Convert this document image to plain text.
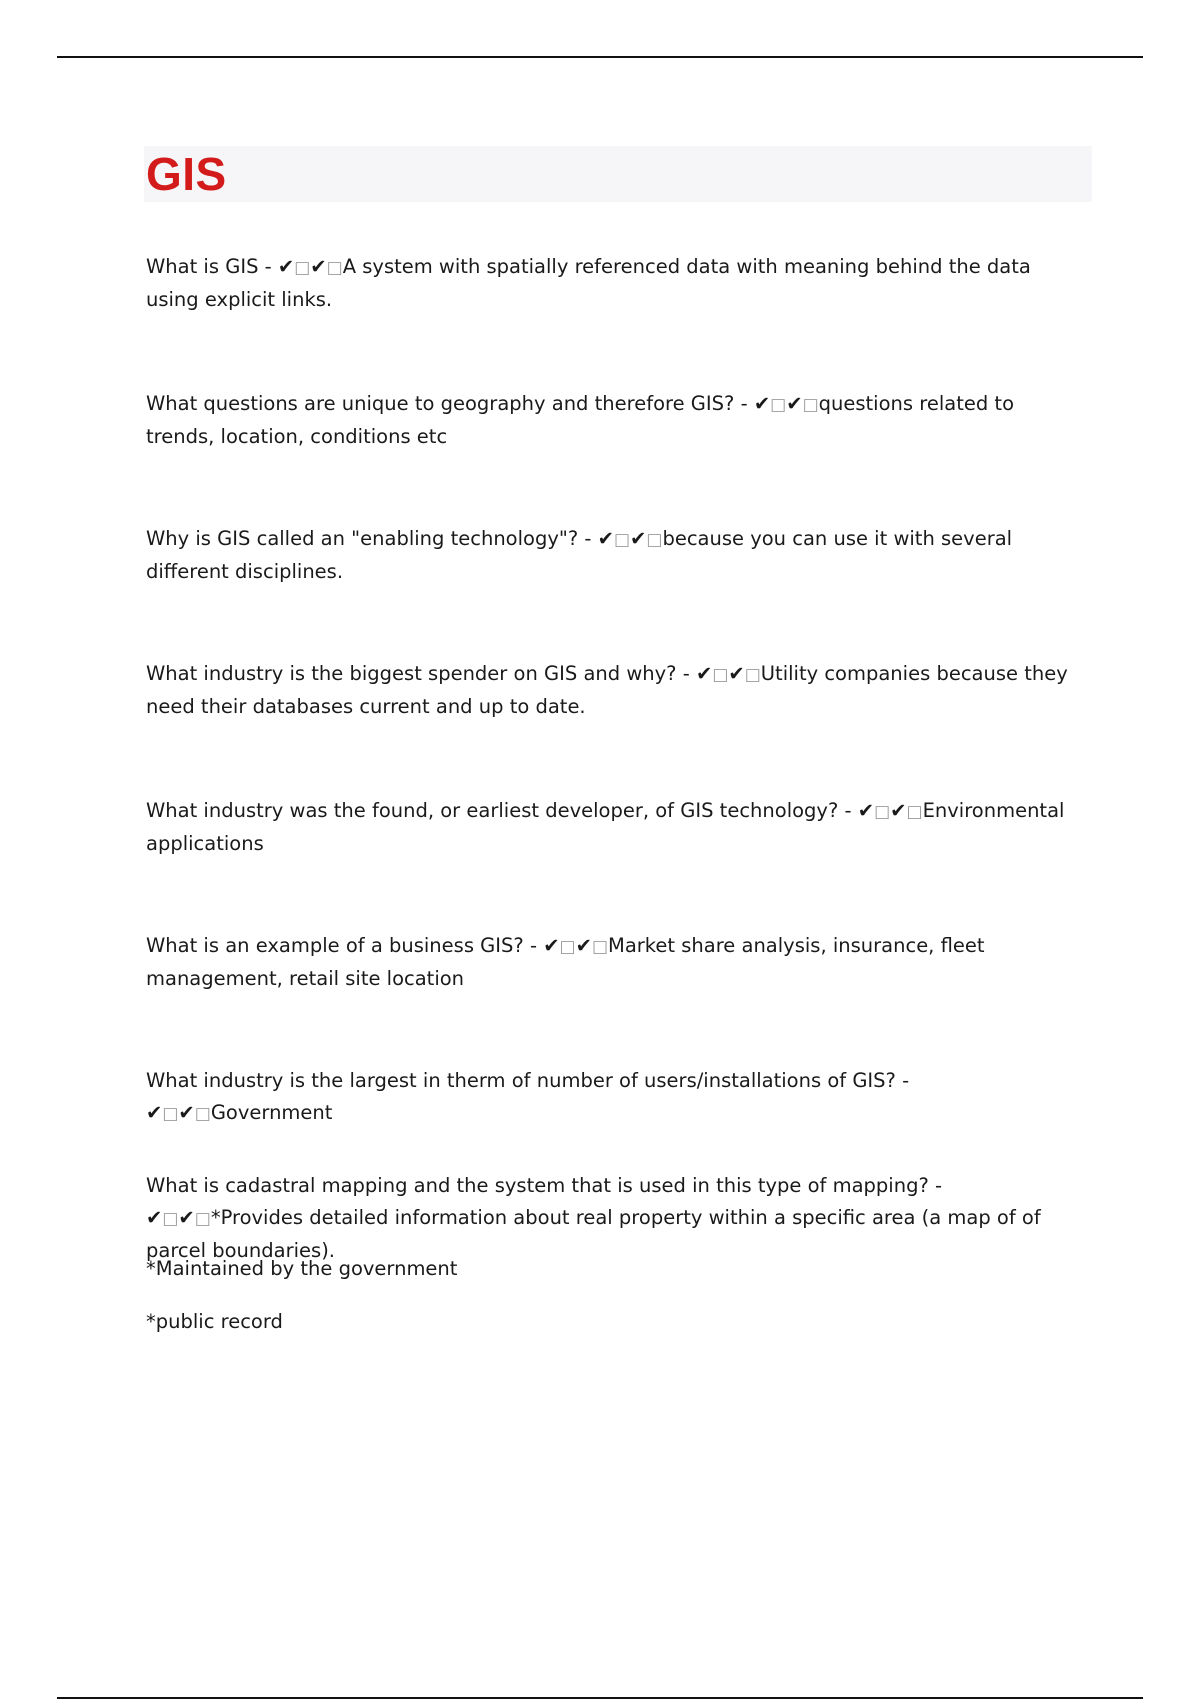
GIS

What is GIS - ✔□✔□A system with spatially referenced data with meaning behind the data using explicit links.

What questions are unique to geography and therefore GIS? - ✔□✔□questions related to trends, location, conditions etc

Why is GIS called an "enabling technology"? - ✔□✔□because you can use it with several different disciplines.

What industry is the biggest spender on GIS and why? - ✔□✔□Utility companies because they need their databases current and up to date.

What industry was the found, or earliest developer, of GIS technology? - ✔□✔□Environmental applications

What is an example of a business GIS? - ✔□✔□Market share analysis, insurance, fleet management, retail site location

What industry is the largest in therm of number of users/installations of GIS? - ✔□✔□Government

What is cadastral mapping and the system that is used in this type of mapping? - ✔□✔□*Provides detailed information about real property within a specific area (a map of of parcel boundaries).

*Maintained by the government

*public record
